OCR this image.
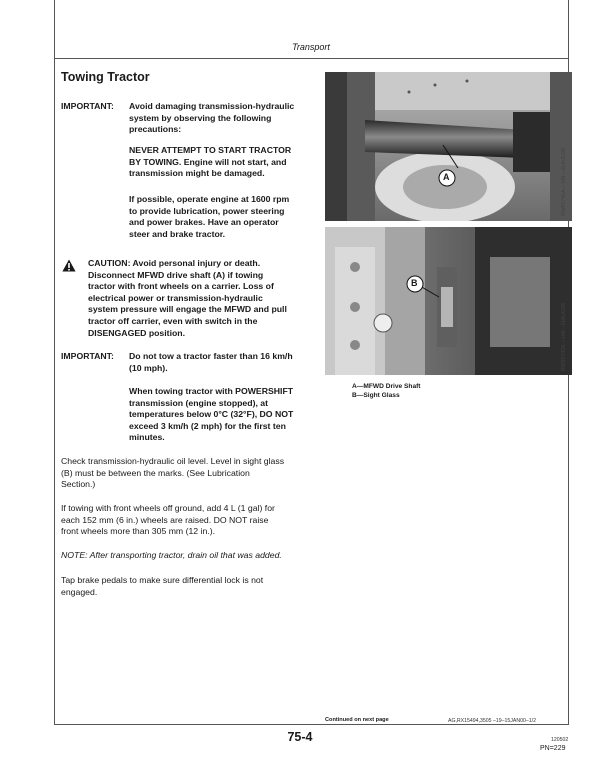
Transport
Towing Tractor
IMPORTANT: Avoid damaging transmission-hydraulic
system by observing the following
precautions:
NEVER ATTEMPT TO START TRACTOR
BY TOWING. Engine will not start, and
transmission might be damaged.
If possible, operate engine at 1600 rpm
to provide lubrication, power steering
and power brakes. Have an operator
steer and brake tractor.
CAUTION: Avoid personal injury or death.
Disconnect MFWD drive shaft (A) if towing
tractor with front wheels on a carrier. Loss of
electrical power or transmission-hydraulic
system pressure will engage the MFWD and pull
tractor off carrier, even with switch in the
DISENGAGED position.
IMPORTANT: Do not tow a tractor faster than 16 km/h
(10 mph).
When towing tractor with POWERSHIFT
transmission (engine stopped), at
temperatures below 0°C (32°F), DO NOT
exceed 3 km/h (2 mph) for the first ten
minutes.
Check transmission-hydraulic oil level. Level in sight glass
(B) must be between the marks. (See Lubrication
Section.)
If towing with front wheels off ground, add 4 L (1 gal) for
each 152 mm (6 in.) wheels are raised. DO NOT raise
front wheels more than 305 mm (12 in.).
NOTE: After transporting tractor, drain oil that was added.
Tap brake pedals to make sure differential lock is not
engaged.
A	RW65741A —UN—11AUG98
B
RW65742A —UN—11AUG98
A—MFWD Drive Shaft
B—Sight Glass
Continued on next page	AG,RX15494,3505 –19–15JAN00–1/2
75-4	120502
PN=229
